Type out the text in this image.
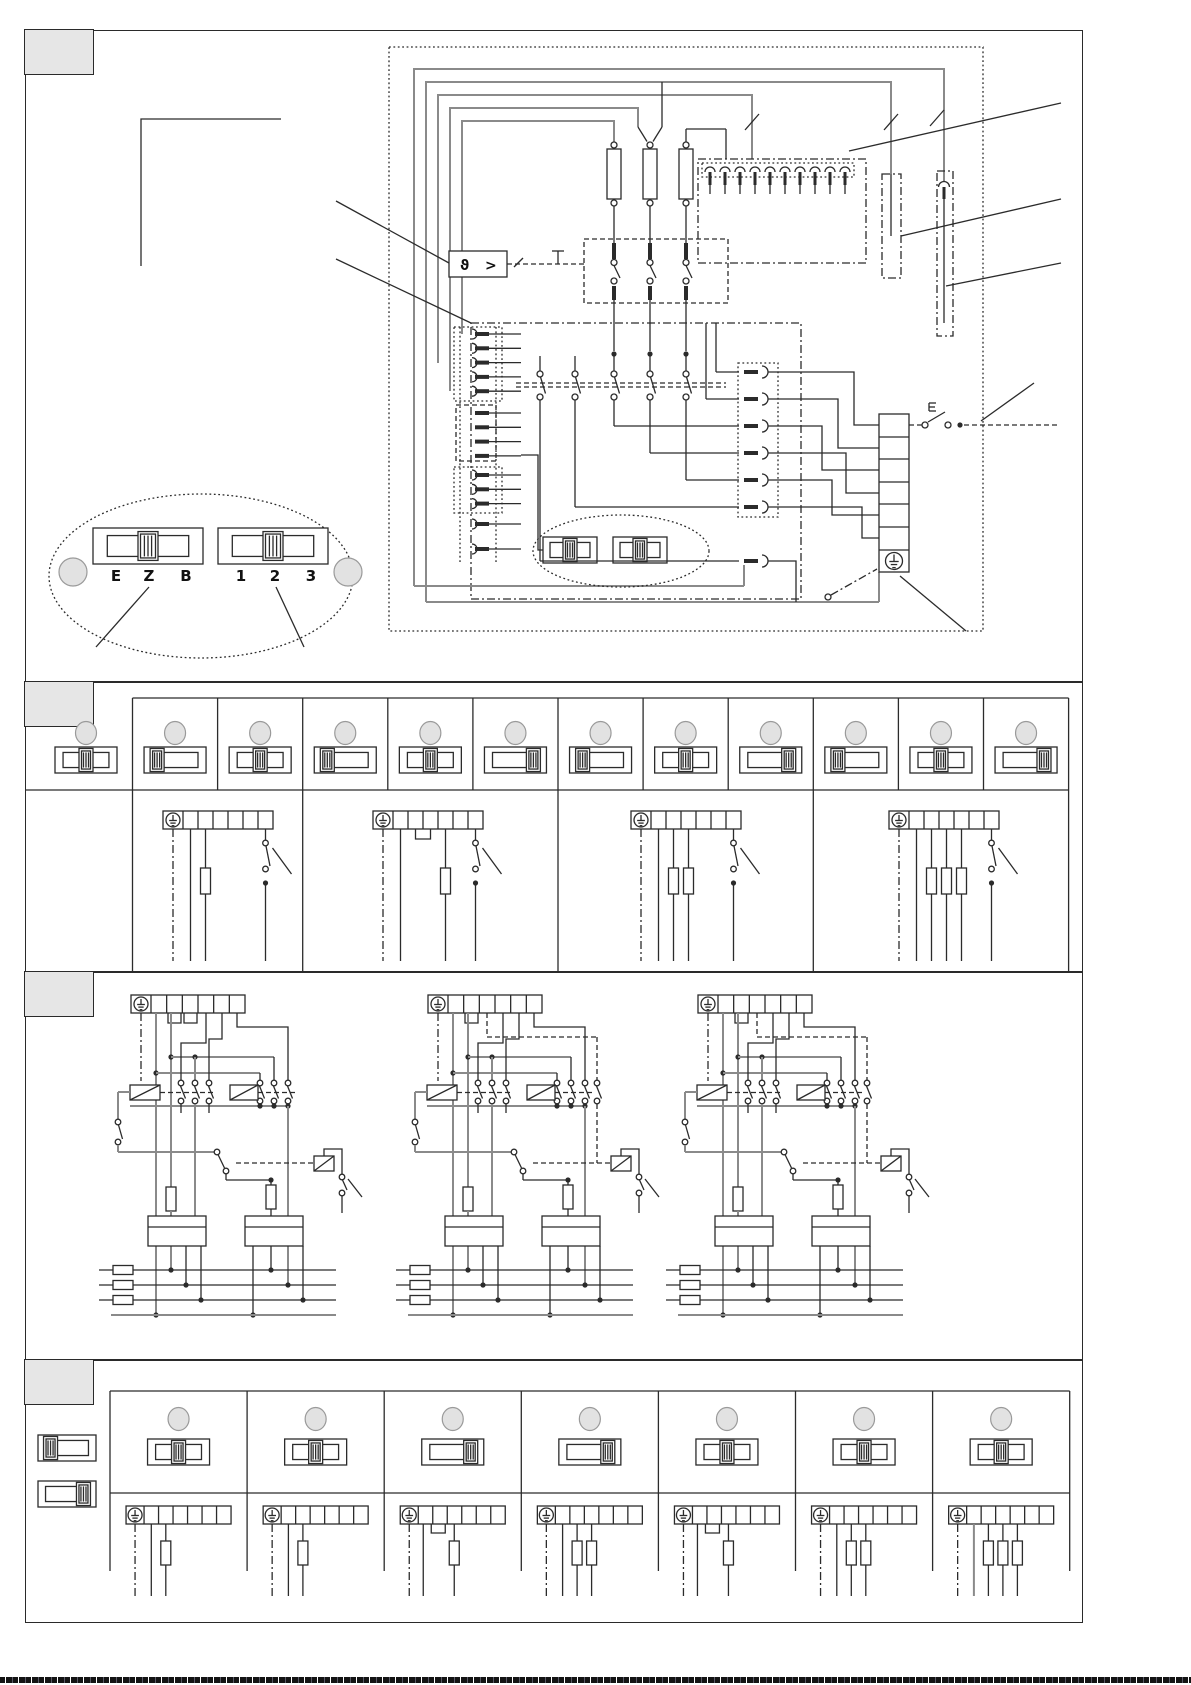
ϑ >
E Z B	1 2 3
